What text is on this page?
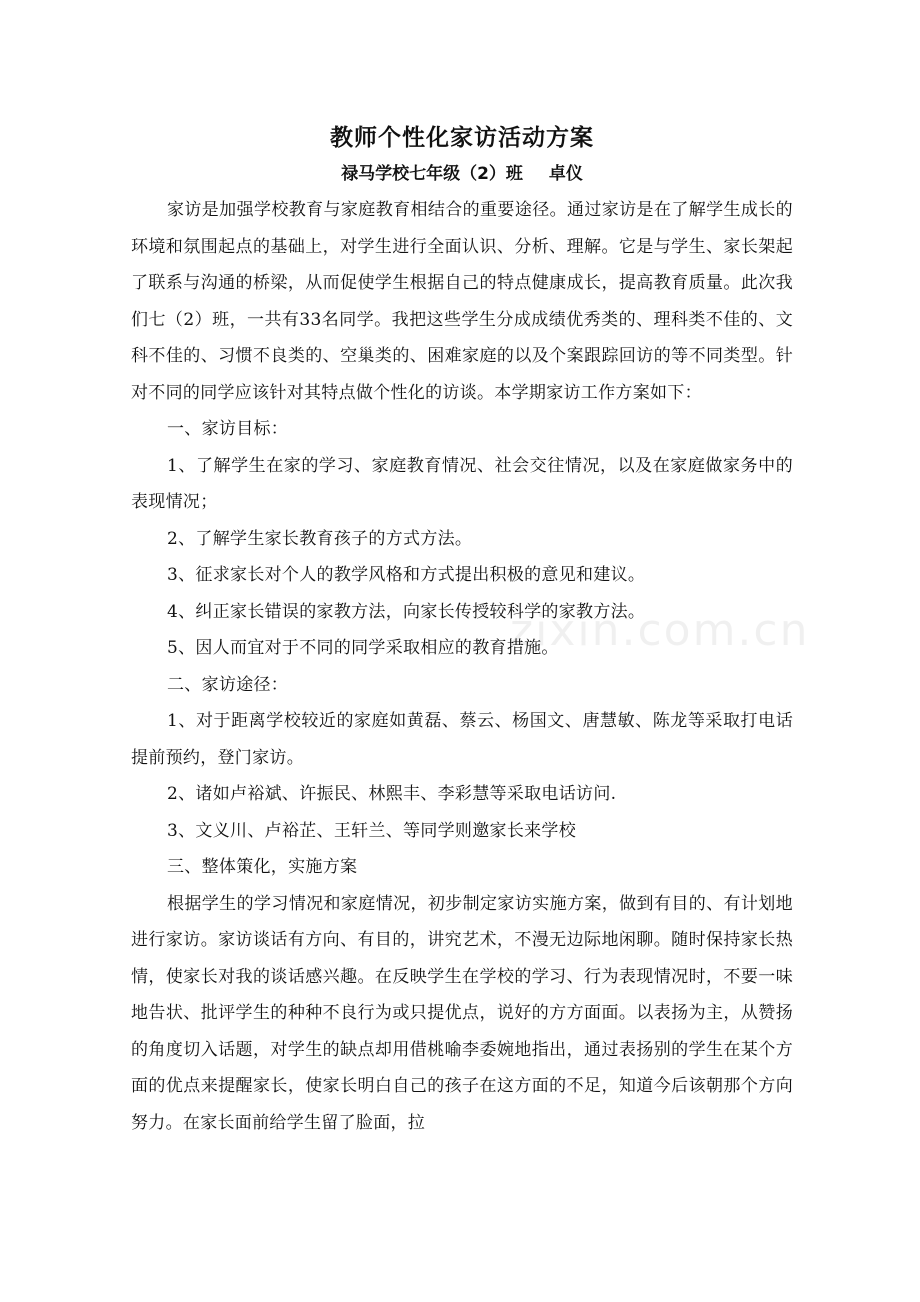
zixin.com.cn
教师个性化家访活动方案
禄马学校七年级（2）班 卓仪

家访是加强学校教育与家庭教育相结合的重要途径。通过家访是在了解学生成长的环境和氛围起点的基础上，对学生进行全面认识、分析、理解。它是与学生、家长架起了联系与沟通的桥梁，从而促使学生根据自己的特点健康成长，提高教育质量。此次我们七（2）班，一共有33名同学。我把这些学生分成成绩优秀类的、理科类不佳的、文科不佳的、习惯不良类的、空巢类的、困难家庭的以及个案跟踪回访的等不同类型。针对不同的同学应该针对其特点做个性化的访谈。本学期家访工作方案如下：

一、家访目标：

1、了解学生在家的学习、家庭教育情况、社会交往情况，以及在家庭做家务中的表现情况；

2、了解学生家长教育孩子的方式方法。

3、征求家长对个人的教学风格和方式提出积极的意见和建议。

4、纠正家长错误的家教方法，向家长传授较科学的家教方法。

5、因人而宜对于不同的同学采取相应的教育措施。

二、家访途径：

1、对于距离学校较近的家庭如黄磊、蔡云、杨国文、唐慧敏、陈龙等采取打电话提前预约，登门家访。

2、诸如卢裕斌、许振民、林熙丰、李彩慧等采取电话访问.

3、文义川、卢裕芷、王轩兰、等同学则邀家长来学校

三、整体策化，实施方案

根据学生的学习情况和家庭情况，初步制定家访实施方案，做到有目的、有计划地进行家访。家访谈话有方向、有目的，讲究艺术，不漫无边际地闲聊。随时保持家长热情，使家长对我的谈话感兴趣。在反映学生在学校的学习、行为表现情况时，不要一味地告状、批评学生的种种不良行为或只提优点，说好的方方面面。以表扬为主，从赞扬的角度切入话题，对学生的缺点却用借桃喻李委婉地指出，通过表扬别的学生在某个方面的优点来提醒家长，使家长明白自己的孩子在这方面的不足，知道今后该朝那个方向努力。在家长面前给学生留了脸面，拉
